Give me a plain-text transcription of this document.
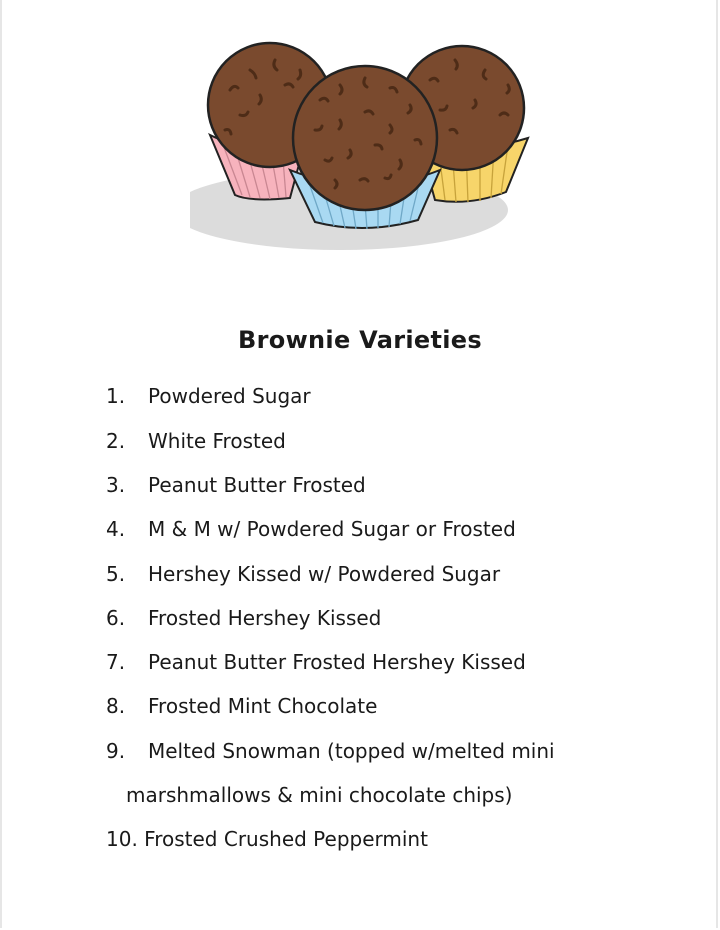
Brownie Varieties
1. Powdered Sugar
2. White Frosted
3. Peanut Butter Frosted
4. M & M w/ Powdered Sugar or Frosted
5. Hershey Kissed w/ Powdered Sugar
6. Frosted Hershey Kissed
7. Peanut Butter Frosted Hershey Kissed
8. Frosted Mint Chocolate
9. Melted Snowman (topped w/melted mini
marshmallows & mini chocolate chips)
10. Frosted Crushed Peppermint
